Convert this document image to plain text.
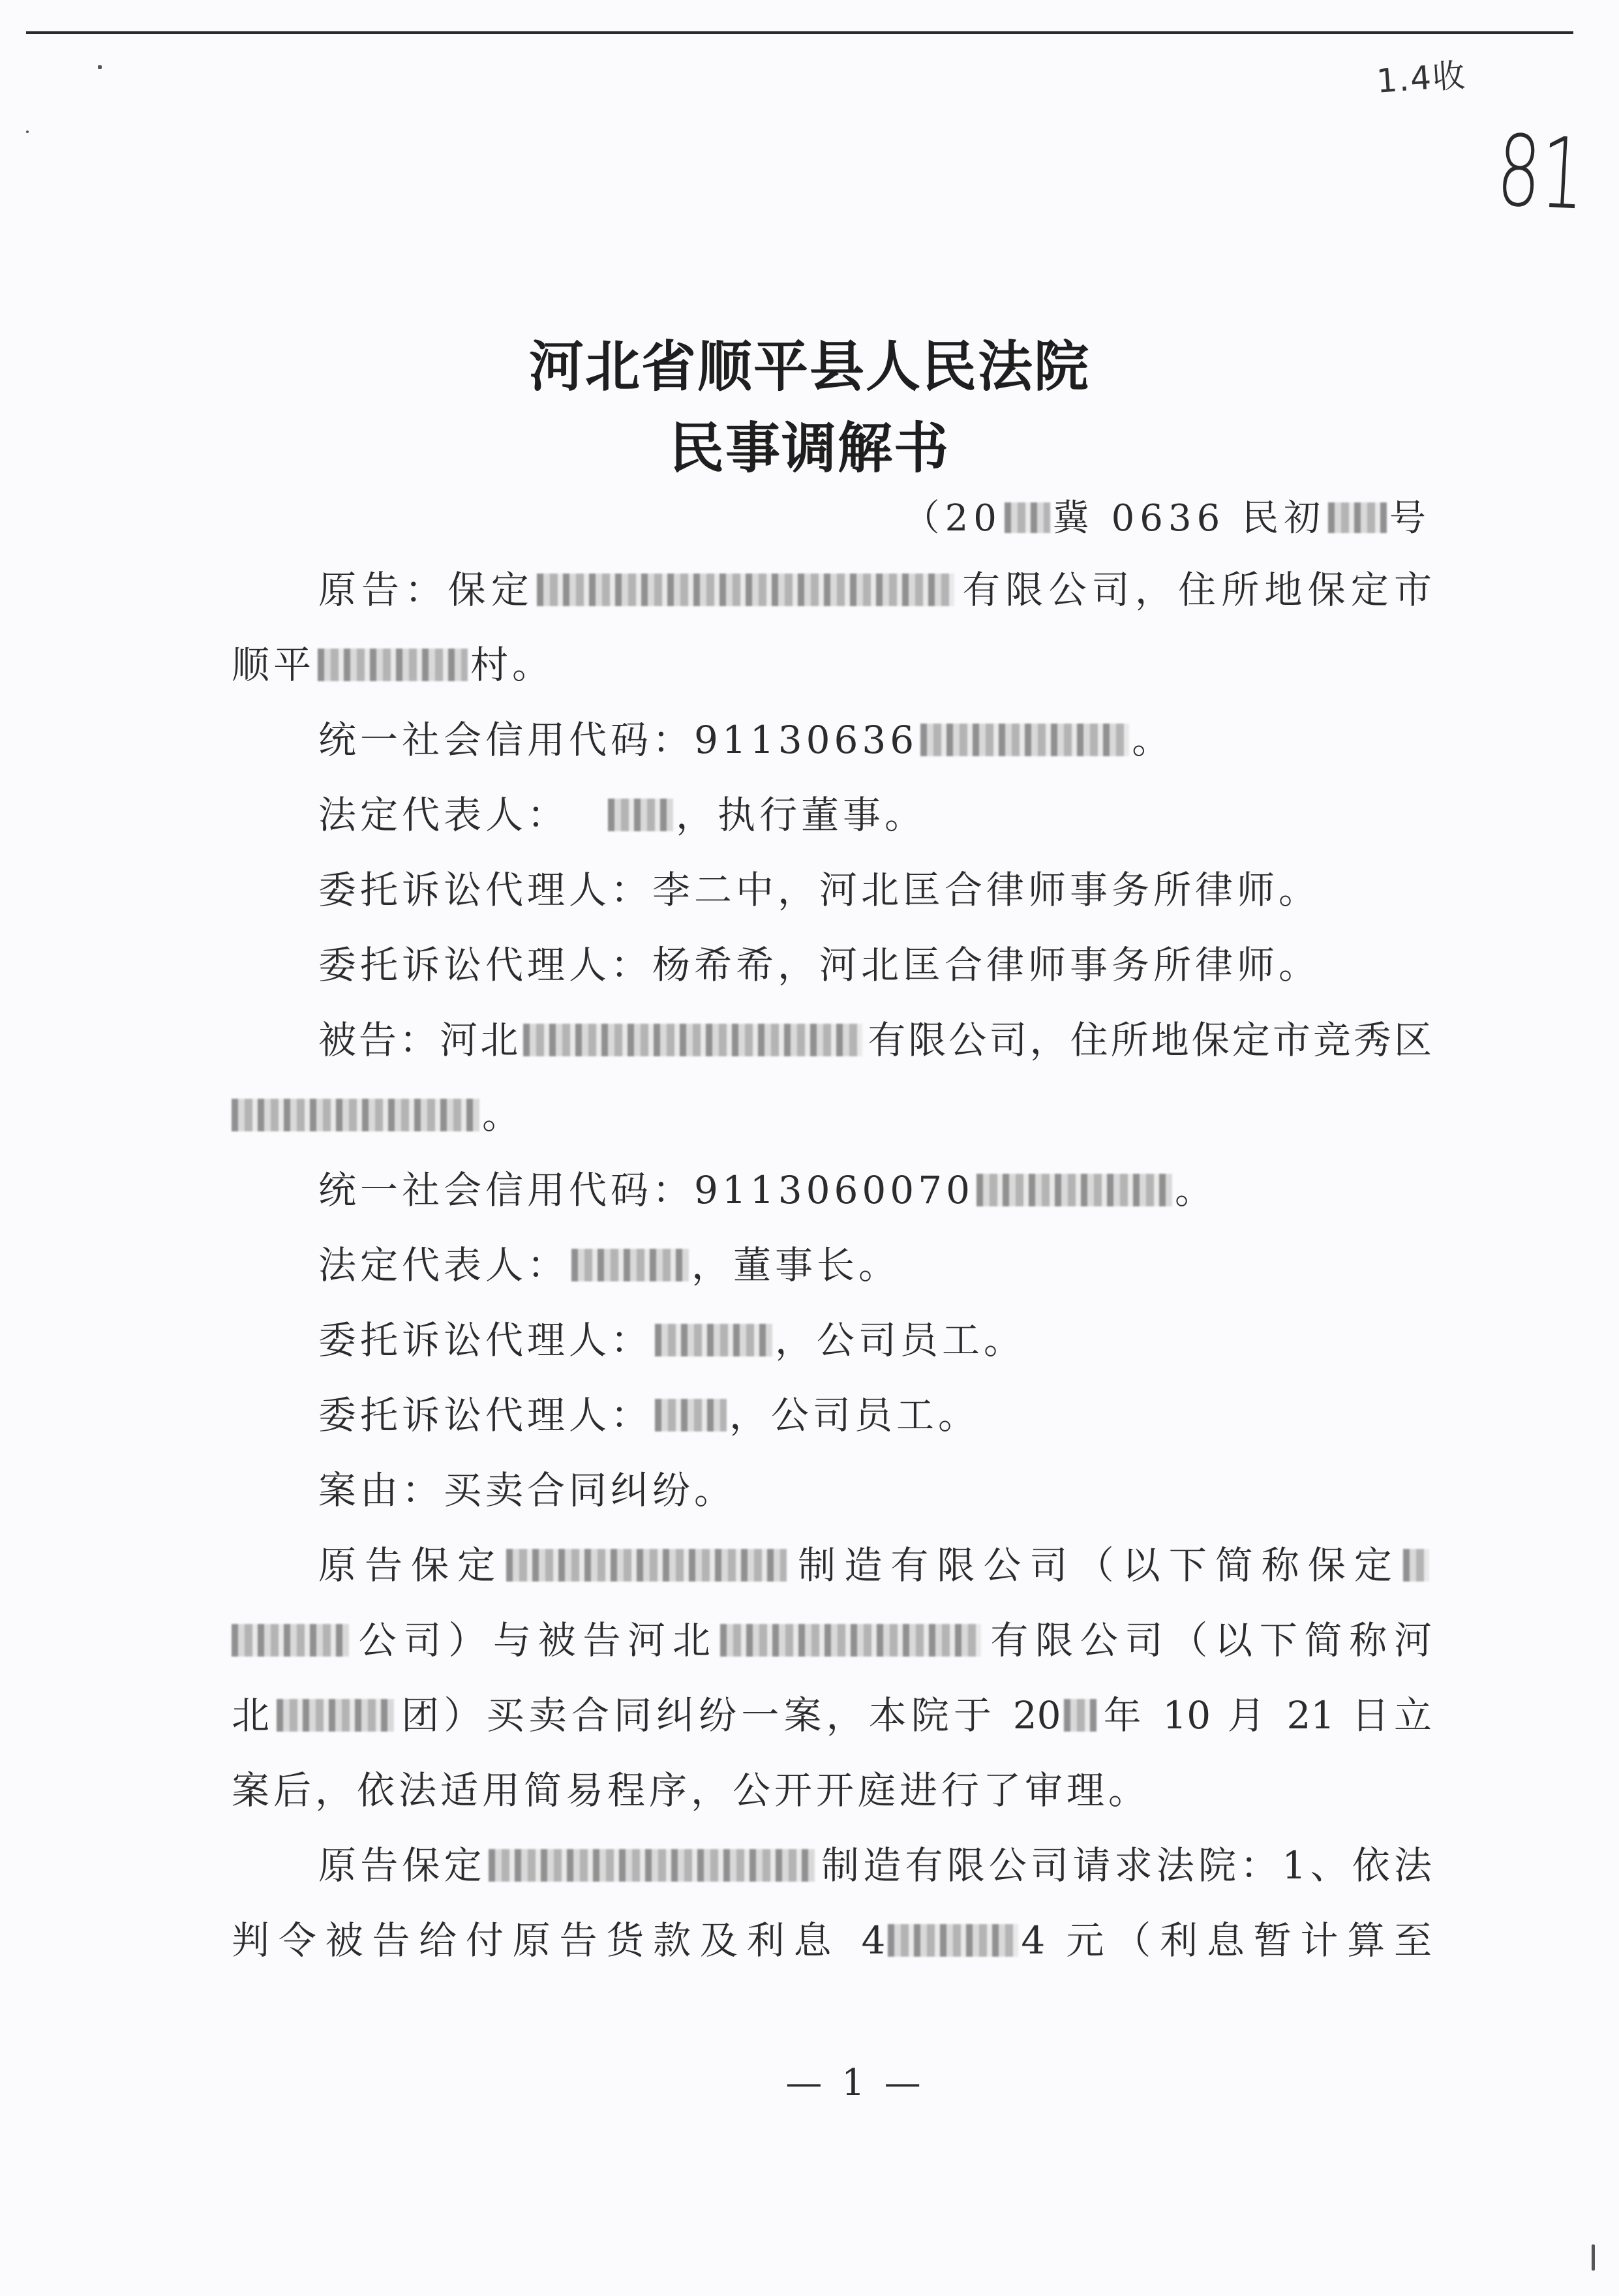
1.4收
81
河北省顺平县人民法院
民事调解书
（20 冀 0636 民初 号
原告：保定	有限公司，住所地保定市
顺平	村。
统一社会信用代码：91130636	。
法定代表人：	，执行董事。
委托诉讼代理人：李二中，河北匡合律师事务所律师。
委托诉讼代理人：杨希希，河北匡合律师事务所律师。
被告：河北	有限公司，住所地保定市竞秀区
。
统一社会信用代码：9113060070	。
法定代表人：	，董事长。
委托诉讼代理人：	，公司员工。
委托诉讼代理人： ，公司员工。
案由：买卖合同纠纷。
原告保定	制造有限公司（以下简称保定
公司）与被告河北	有限公司（以下简称河
北	团）买卖合同纠纷一案，本院于 20 年 10 月 21 日立
案后，依法适用简易程序，公开开庭进行了审理。
原告保定	制造有限公司请求法院：1、依法
判令被告给付原告货款及利息 4	4 元（利息暂计算至
— 1 —
